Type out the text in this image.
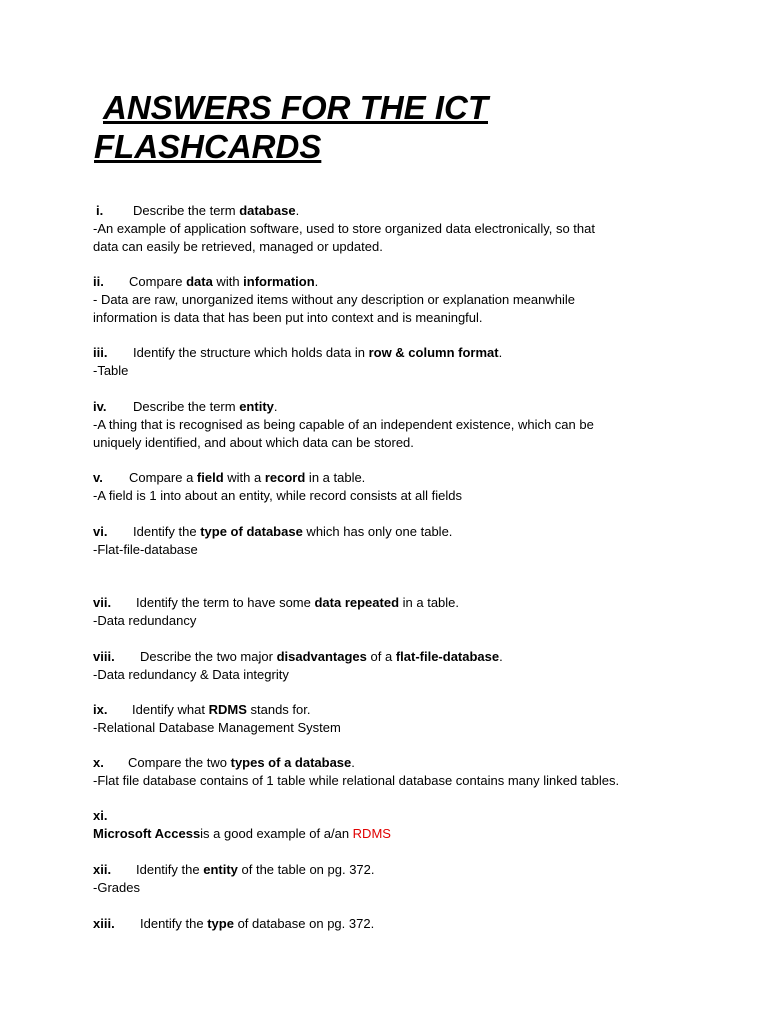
ANSWERS FOR THE ICT
FLASHCARDS
i. Describe the term database.
-An example of application software, used to store organized data electronically, so that
data can easily be retrieved, managed or updated.
ii. Compare data with information.
- Data are raw, unorganized items without any description or explanation meanwhile
information is data that has been put into context and is meaningful.
iii. Identify the structure which holds data in row & column format.
-Table
iv. Describe the term entity.
-A thing that is recognised as being capable of an independent existence, which can be
uniquely identified, and about which data can be stored.
v. Compare a field with a record in a table.
-A field is 1 into about an entity, while record consists at all fields
vi. Identify the type of database which has only one table.
-Flat-file-database
vii. Identify the term to have some data repeated in a table.
-Data redundancy
viii. Describe the two major disadvantages of a flat-file-database.
-Data redundancy & Data integrity
ix. Identify what RDMS stands for.
-Relational Database Management System
x. Compare the two types of a database.
-Flat file database contains of 1 table while relational database contains many linked tables.
xi.
Microsoft Accessis a good example of a/an RDMS
xii. Identify the entity of the table on pg. 372.
-Grades
xiii. Identify the type of database on pg. 372.
